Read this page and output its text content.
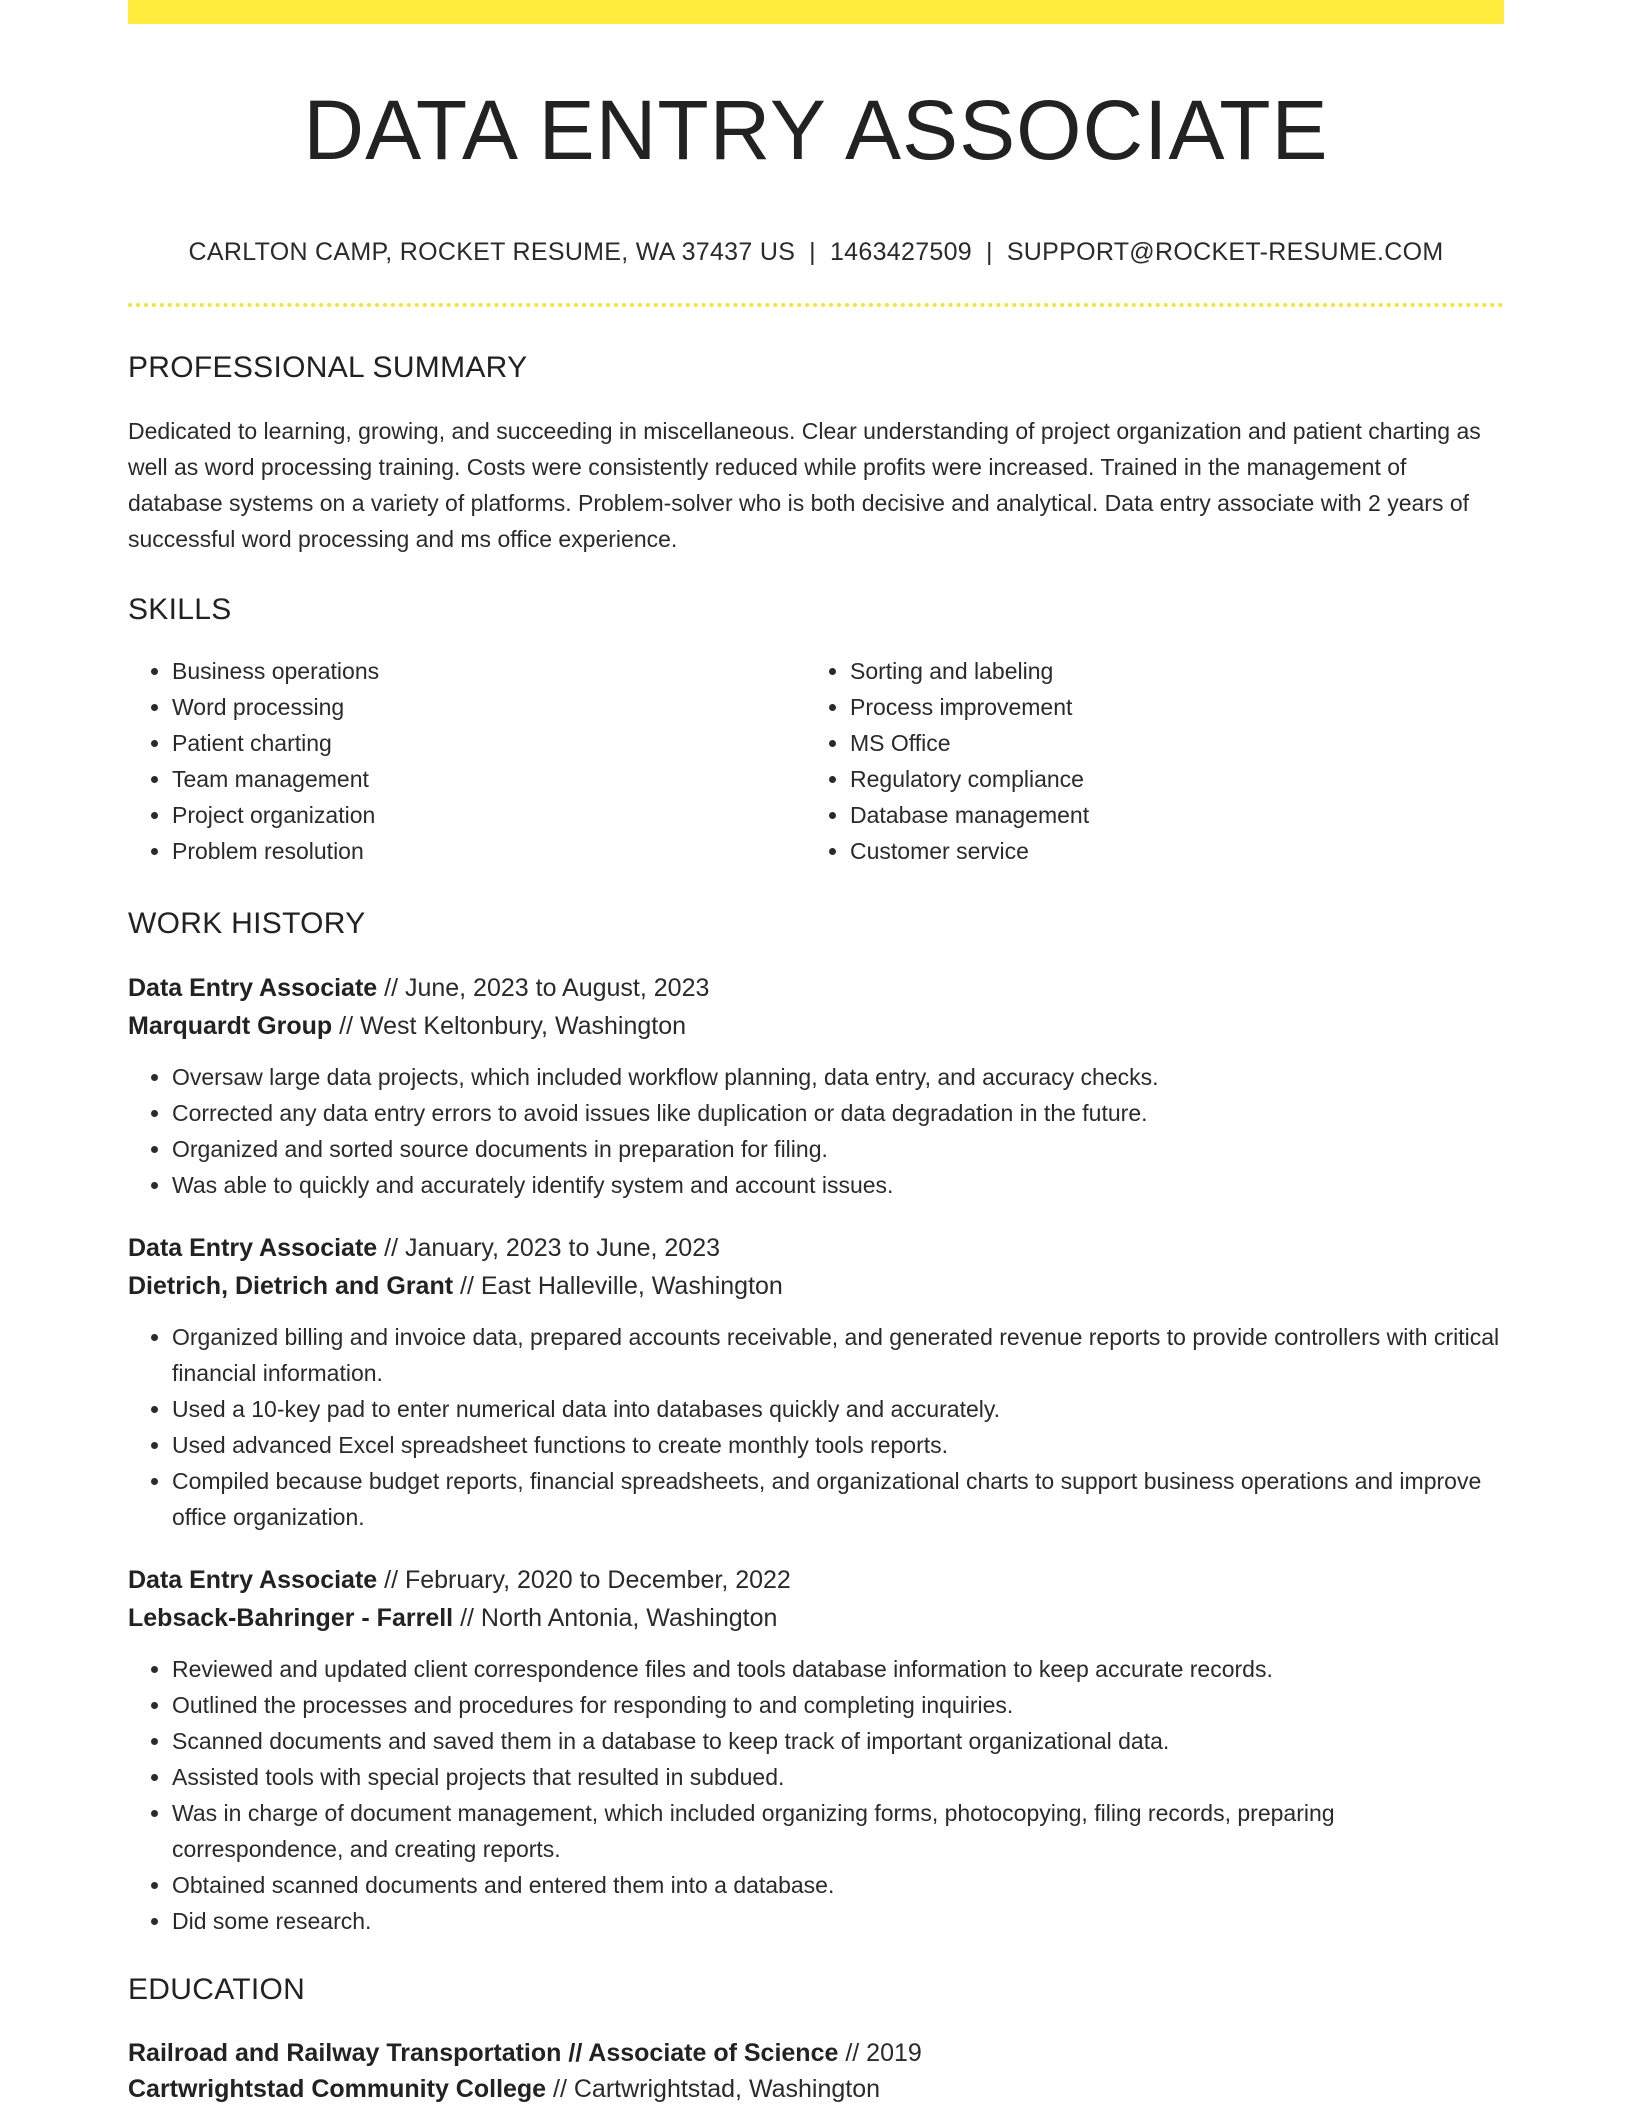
DATA ENTRY ASSOCIATE
CARLTON CAMP, ROCKET RESUME, WA 37437 US | 1463427509 | SUPPORT@ROCKET-RESUME.COM
PROFESSIONAL SUMMARY

Dedicated to learning, growing, and succeeding in miscellaneous. Clear understanding of project organization and patient charting as well as word processing training. Costs were consistently reduced while profits were increased. Trained in the management of database systems on a variety of platforms. Problem-solver who is both decisive and analytical. Data entry associate with 2 years of successful word processing and ms office experience.

SKILLS
• Business operations
• Word processing
• Patient charting
• Team management
• Project organization
• Problem resolution
• Sorting and labeling
• Process improvement
• MS Office
• Regulatory compliance
• Database management
• Customer service
WORK HISTORY
Data Entry Associate // June, 2023 to August, 2023
Marquardt Group // West Keltonbury, Washington
• Oversaw large data projects, which included workflow planning, data entry, and accuracy checks.
• Corrected any data entry errors to avoid issues like duplication or data degradation in the future.
• Organized and sorted source documents in preparation for filing.
• Was able to quickly and accurately identify system and account issues.
Data Entry Associate // January, 2023 to June, 2023
Dietrich, Dietrich and Grant // East Halleville, Washington
• Organized billing and invoice data, prepared accounts receivable, and generated revenue reports to provide controllers with critical financial information.
• Used a 10-key pad to enter numerical data into databases quickly and accurately.
• Used advanced Excel spreadsheet functions to create monthly tools reports.
• Compiled because budget reports, financial spreadsheets, and organizational charts to support business operations and improve office organization.
Data Entry Associate // February, 2020 to December, 2022
Lebsack-Bahringer - Farrell // North Antonia, Washington
• Reviewed and updated client correspondence files and tools database information to keep accurate records.
• Outlined the processes and procedures for responding to and completing inquiries.
• Scanned documents and saved them in a database to keep track of important organizational data.
• Assisted tools with special projects that resulted in subdued.
• Was in charge of document management, which included organizing forms, photocopying, filing records, preparing correspondence, and creating reports.
• Obtained scanned documents and entered them into a database.
• Did some research.
EDUCATION
Railroad and Railway Transportation // Associate of Science // 2019
Cartwrightstad Community College // Cartwrightstad, Washington
